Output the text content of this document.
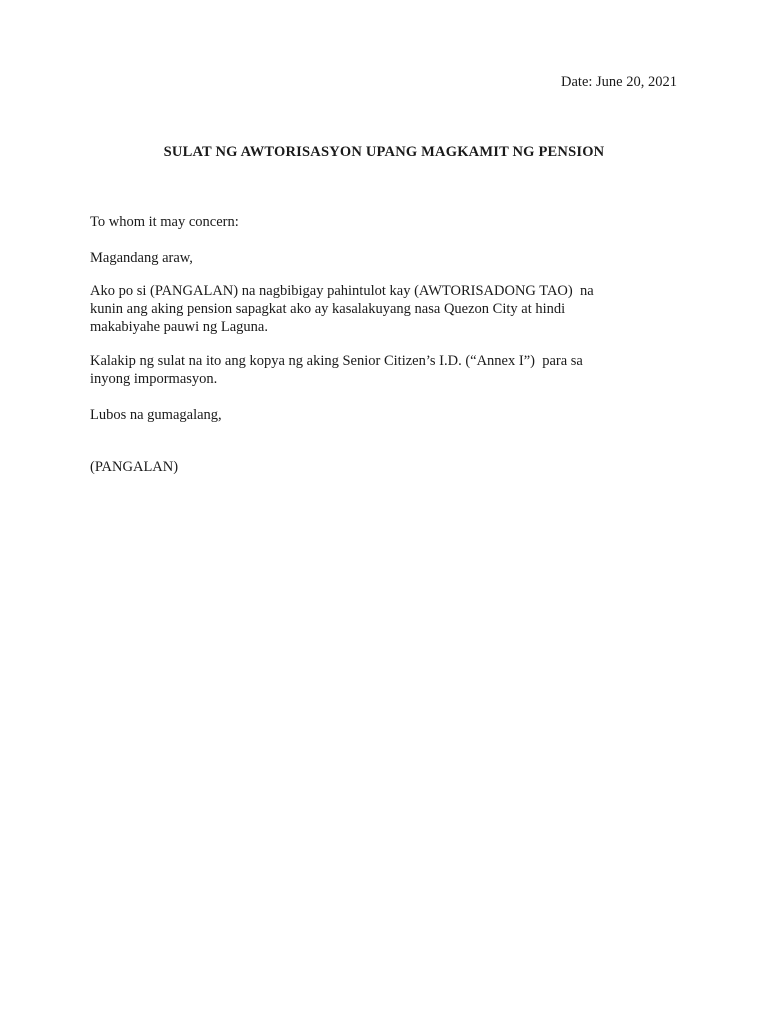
Date: June 20, 2021
SULAT NG AWTORISASYON UPANG MAGKAMIT NG PENSION

To whom it may concern:

Magandang araw,

Ako po si (PANGALAN) na nagbibigay pahintulot kay (AWTORISADONG TAO)  na

kunin ang aking pension sapagkat ako ay kasalakuyang nasa Quezon City at hindi

makabiyahe pauwi ng Laguna.

Kalakip ng sulat na ito ang kopya ng aking Senior Citizen’s I.D. (“Annex I”)  para sa

inyong impormasyon.

Lubos na gumagalang,

(PANGALAN)
